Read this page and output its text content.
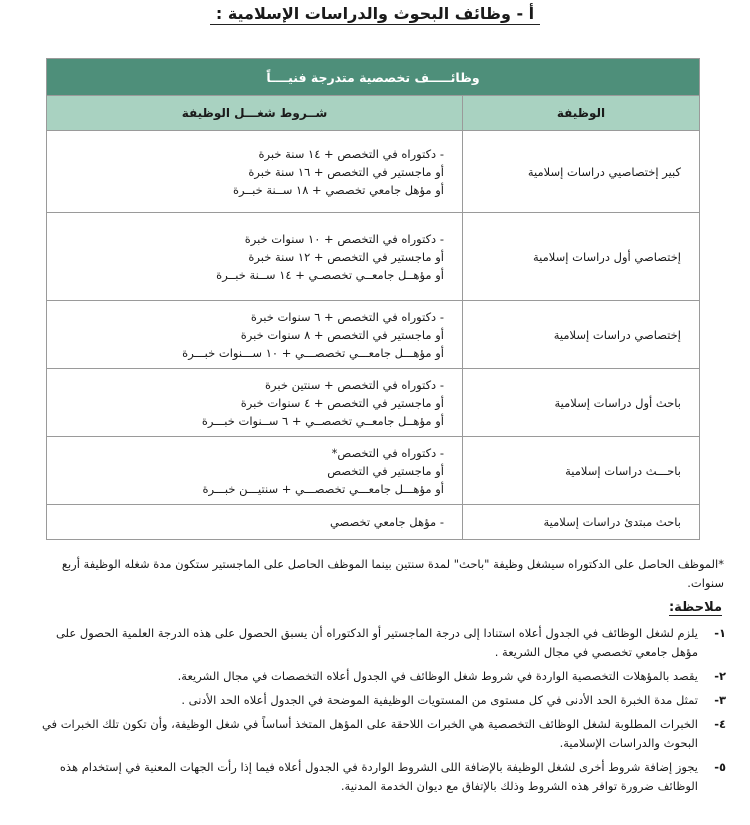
أ - وظائف البحوث والدراسات الإسلامية :
وظائـــــف تخصصية متدرجة فنيــــاً	
الوظيفة	شــروط شغـــل الوظيفة
كبير إختصاصيي دراسات إسلامية	- دكتوراه في التخصص + ١٤ سنة خبرة
أو ماجستير في التخصص + ١٦ سنة خبرة
أو مؤهل جامعي تخصصي + ١٨ ســنة خبــرة

إختصاصي أول دراسات إسلامية	- دكتوراه في التخصص + ١٠ سنوات خبرة
أو ماجستير في التخصص + ١٢ سنة خبرة
أو مؤهــل جامعــي تخصصـي + ١٤ ســنة خبــرة

إختصاصي دراسات إسلامية	- دكتوراه في التخصص + ٦ سنوات خبرة
أو ماجستير في التخصص + ٨ سنوات خبرة
أو مؤهـــل جامعـــي تخصصـــي + ١٠ ســـنوات خبـــرة

باحث أول دراسات إسلامية	- دكتوراه في التخصص + سنتين خبرة
أو ماجستير في التخصص + ٤ سنوات خبرة
أو مؤهــل جامعــي تخصصــي + ٦ ســنوات خبـــرة

باحـــث دراسات إسلامية	- دكتوراه في التخصص*
أو ماجستير في التخصص
أو مؤهـــل جامعـــي تخصصـــي + سنتيـــن خبـــرة

باحث مبتدئ دراسات إسلامية	- مؤهل جامعي تخصصي
*الموظف الحاصل على الدكتوراه سيشغل وظيفة "باحث" لمدة سنتين بينما الموظف الحاصل على الماجستير ستكون مدة شغله الوظيفة أربع سنوات.
ملاحظة:
١-
يلزم لشغل الوظائف في الجدول أعلاه استنادا إلى درجة الماجستير أو الدكتوراه أن يسبق الحصول على هذه الدرجة العلمية الحصول على مؤهل جامعي تخصصي في مجال الشريعة .
٢-
يقصد بالمؤهلات التخصصية الواردة في شروط شغل الوظائف في الجدول أعلاه التخصصات في مجال الشريعة.
٣-
تمثل مدة الخبرة الحد الأدنى في كل مستوى من المستويات الوظيفية الموضحة في الجدول أعلاه الحد الأدنى .
٤-
الخبرات المطلوبة لشغل الوظائف التخصصية هي الخبرات اللاحقة على المؤهل المتخذ أساساً في شغل الوظيفة، وأن تكون تلك الخبرات في البحوث والدراسات الإسلامية.
٥-
يجوز إضافة شروط أخرى لشغل الوظيفة بالإضافة اللى الشروط الواردة في الجدول أعلاه فيما إذا رأت الجهات المعنية في إستخدام هذه الوظائف ضرورة توافر هذه الشروط وذلك بالإتفاق مع ديوان الخدمة المدنية.
